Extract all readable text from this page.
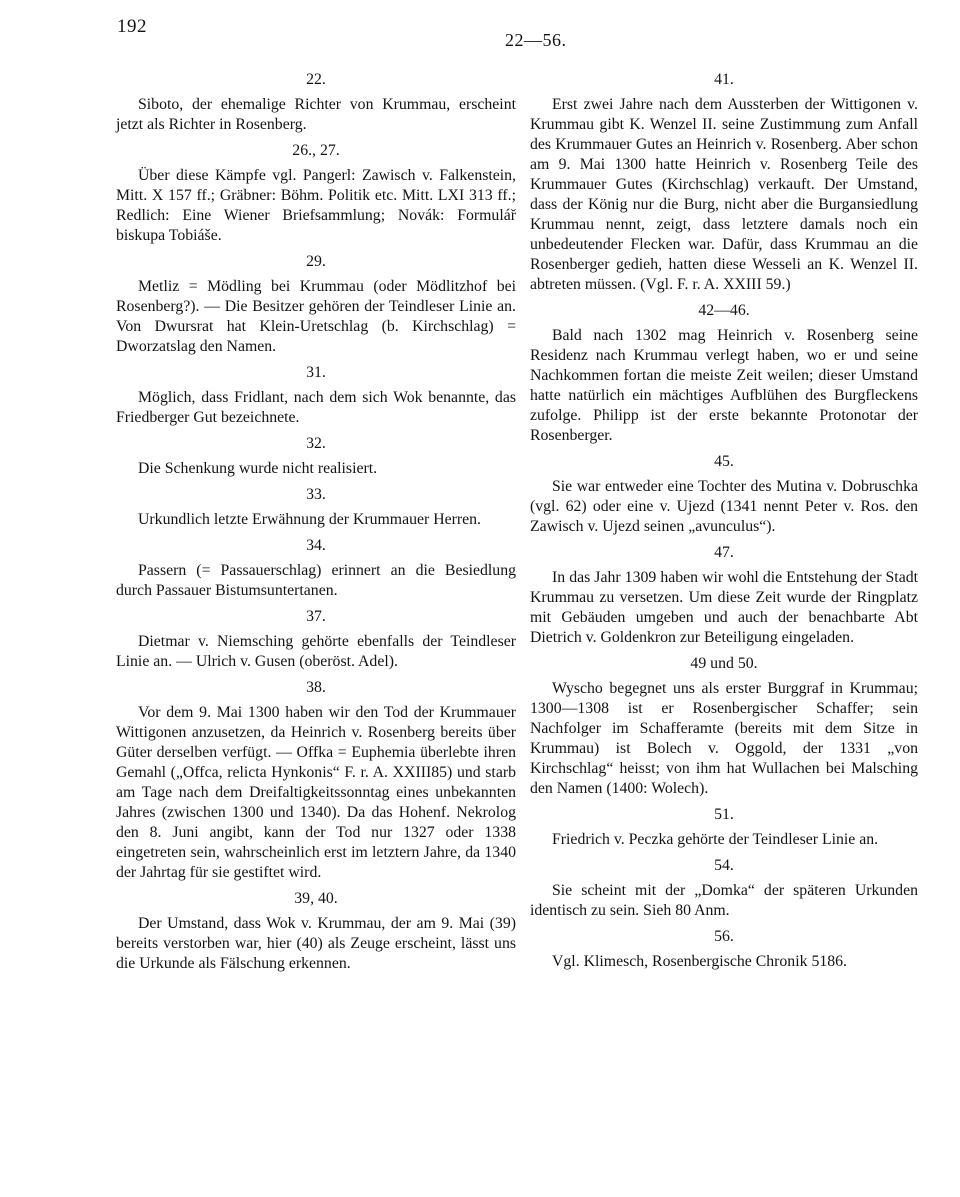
192
22—56.
22.

Siboto, der ehemalige Richter von Krummau, erscheint jetzt als Richter in Rosenberg.

26., 27.

Über diese Kämpfe vgl. Pangerl: Zawisch v. Falkenstein, Mitt. X 157 ff.; Gräbner: Böhm. Politik etc. Mitt. LXI 313 ff.; Redlich: Eine Wiener Briefsammlung; Novák: Formulář biskupa Tobiáše.

29.

Metliz = Mödling bei Krummau (oder Mödlitzhof bei Rosenberg?). — Die Besitzer gehören der Teindleser Linie an. Von Dwursrat hat Klein-Uretschlag (b. Kirchschlag) = Dworzatslag den Namen.

31.

Möglich, dass Fridlant, nach dem sich Wok benannte, das Friedberger Gut bezeichnete.

32.

Die Schenkung wurde nicht realisiert.

33.

Urkundlich letzte Erwähnung der Krummauer Herren.

34.

Passern (= Passauerschlag) erinnert an die Besiedlung durch Passauer Bistumsuntertanen.

37.

Dietmar v. Niemsching gehörte ebenfalls der Teindleser Linie an. — Ulrich v. Gusen (oberöst. Adel).

38.

Vor dem 9. Mai 1300 haben wir den Tod der Krummauer Wittigonen anzusetzen, da Heinrich v. Rosenberg bereits über Güter derselben verfügt. — Offka = Euphemia überlebte ihren Gemahl („Offca, relicta Hynkonis“ F. r. A. XXIII85) und starb am Tage nach dem Dreifaltigkeitssonntag eines unbekannten Jahres (zwischen 1300 und 1340). Da das Hohenf. Nekrolog den 8. Juni angibt, kann der Tod nur 1327 oder 1338 eingetreten sein, wahrscheinlich erst im letztern Jahre, da 1340 der Jahrtag für sie gestiftet wird.

39, 40.

Der Umstand, dass Wok v. Krummau, der am 9. Mai (39) bereits verstorben war, hier (40) als Zeuge erscheint, lässt uns die Urkunde als Fälschung erkennen.

41.

Erst zwei Jahre nach dem Aussterben der Wittigonen v. Krummau gibt K. Wenzel II. seine Zustimmung zum Anfall des Krummauer Gutes an Heinrich v. Rosenberg. Aber schon am 9. Mai 1300 hatte Heinrich v. Rosenberg Teile des Krummauer Gutes (Kirchschlag) verkauft. Der Umstand, dass der König nur die Burg, nicht aber die Burgansiedlung Krummau nennt, zeigt, dass letztere damals noch ein unbedeutender Flecken war. Dafür, dass Krummau an die Rosenberger gedieh, hatten diese Wesseli an K. Wenzel II. abtreten müssen. (Vgl. F. r. A. XXIII 59.)

42—46.

Bald nach 1302 mag Heinrich v. Rosenberg seine Residenz nach Krummau verlegt haben, wo er und seine Nachkommen fortan die meiste Zeit weilen; dieser Umstand hatte natürlich ein mächtiges Aufblühen des Burgfleckens zufolge. Philipp ist der erste bekannte Protonotar der Rosenberger.

45.

Sie war entweder eine Tochter des Mutina v. Dobruschka (vgl. 62) oder eine v. Ujezd (1341 nennt Peter v. Ros. den Zawisch v. Ujezd seinen „avunculus“).

47.

In das Jahr 1309 haben wir wohl die Entstehung der Stadt Krummau zu versetzen. Um diese Zeit wurde der Ringplatz mit Gebäuden umgeben und auch der benachbarte Abt Dietrich v. Goldenkron zur Beteiligung eingeladen.

49 und 50.

Wyscho begegnet uns als erster Burggraf in Krummau; 1300—1308 ist er Rosenbergischer Schaffer; sein Nachfolger im Schafferamte (bereits mit dem Sitze in Krummau) ist Bolech v. Oggold, der 1331 „von Kirchschlag“ heisst; von ihm hat Wullachen bei Malsching den Namen (1400: Wolech).

51.

Friedrich v. Peczka gehörte der Teindleser Linie an.

54.

Sie scheint mit der „Domka“ der späteren Urkunden identisch zu sein. Sieh 80 Anm.

56.

Vgl. Klimesch, Rosenbergische Chronik 5186.
